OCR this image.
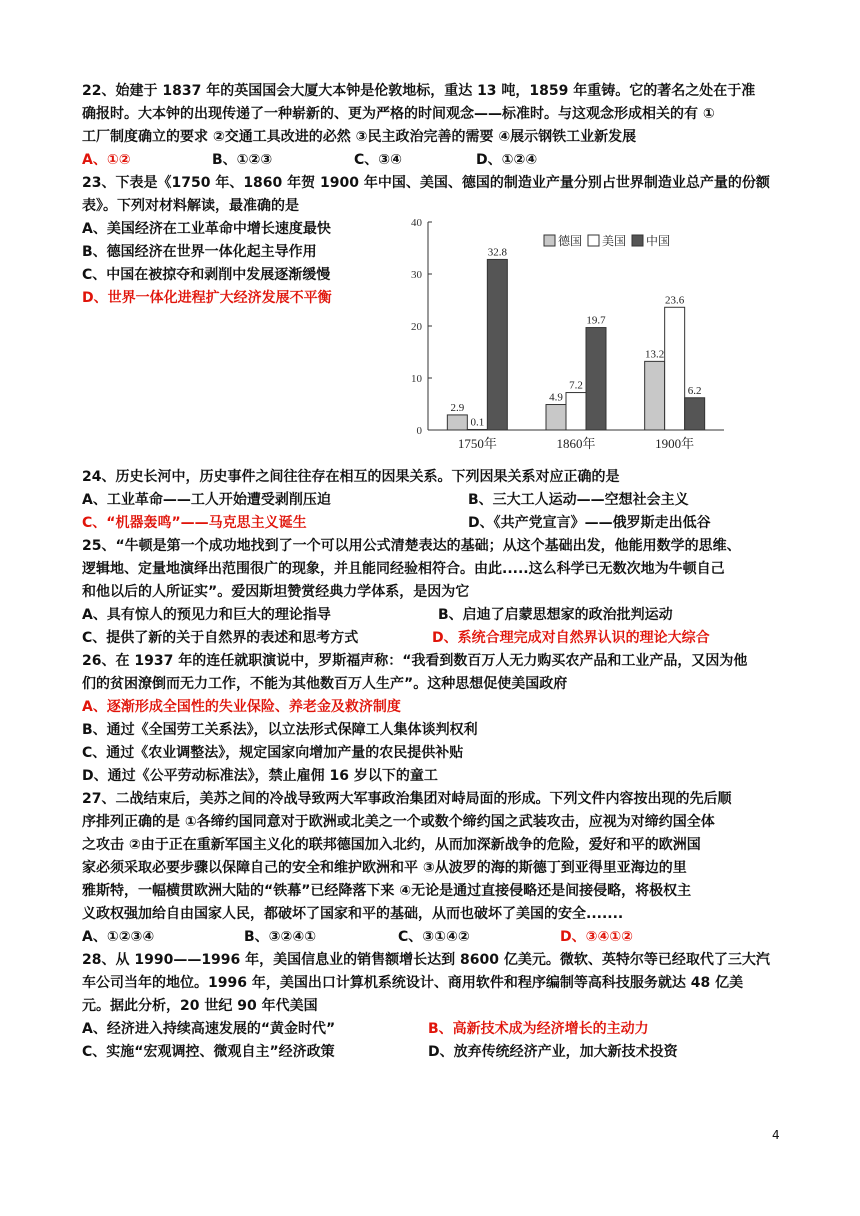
22、始建于 1837 年的英国国会大厦大本钟是伦敦地标，重达 13 吨，1859 年重铸。它的著名之处在于准
确报时。大本钟的出现传递了一种崭新的、更为严格的时间观念——标准时。与这观念形成相关的有 ①
工厂制度确立的要求 ②交通工具改进的必然 ③民主政治完善的需要 ④展示钢铁工业新发展
A、①②	B、①②③	C、③④	D、①②④
23、下表是《1750 年、1860 年贺 1900 年中国、美国、德国的制造业产量分别占世界制造业总产量的份额
表》。下列对材料解读，最准确的是
A、美国经济在工业革命中增长速度最快
B、德国经济在世界一体化起主导作用
C、中国在被掠夺和剥削中发展逐渐缓慢
D、世界一体化进程扩大经济发展不平衡
0
10
20
30
40
2.9
0.1
32.8
1750年
4.9
7.2
19.7
1860年
13.2
23.6
6.2
1900年
德国 美国 中国
24、历史长河中，历史事件之间往往存在相互的因果关系。下列因果关系对应正确的是
A、工业革命——工人开始遭受剥削压迫	B、三大工人运动——空想社会主义
C、“机器轰鸣”——马克思主义诞生	D、《共产党宣言》——俄罗斯走出低谷
25、“牛顿是第一个成功地找到了一个可以用公式清楚表达的基础；从这个基础出发，他能用数学的思维、
逻辑地、定量地演绎出范围很广的现象，并且能同经验相符合。由此.....这么科学已无数次地为牛顿自己
和他以后的人所证实”。爱因斯坦赞赏经典力学体系，是因为它
A、具有惊人的预见力和巨大的理论指导	B、启迪了启蒙思想家的政治批判运动
C、提供了新的关于自然界的表述和思考方式	D、系统合理完成对自然界认识的理论大综合
26、在 1937 年的连任就职演说中，罗斯福声称：“我看到数百万人无力购买农产品和工业产品，又因为他
们的贫困潦倒而无力工作，不能为其他数百万人生产”。这种思想促使美国政府
A、逐渐形成全国性的失业保险、养老金及救济制度
B、通过《全国劳工关系法》，以立法形式保障工人集体谈判权利
C、通过《农业调整法》，规定国家向增加产量的农民提供补贴
D、通过《公平劳动标准法》，禁止雇佣 16 岁以下的童工
27、二战结束后，美苏之间的冷战导致两大军事政治集团对峙局面的形成。下列文件内容按出现的先后顺
序排列正确的是 ①各缔约国同意对于欧洲或北美之一个或数个缔约国之武装攻击，应视为对缔约国全体
之攻击 ②由于正在重新军国主义化的联邦德国加入北约，从而加深新战争的危险，爱好和平的欧洲国
家必须采取必要步骤以保障自己的安全和维护欧洲和平 ③从波罗的海的斯德丁到亚得里亚海边的里
雅斯特，一幅横贯欧洲大陆的“铁幕”已经降落下来 ④无论是通过直接侵略还是间接侵略，将极权主
义政权强加给自由国家人民，都破坏了国家和平的基础，从而也破坏了美国的安全.......
A、①②③④	B、③②④①	C、③①④②	D、③④①②
28、从 1990——1996 年，美国信息业的销售额增长达到 8600 亿美元。微软、英特尔等已经取代了三大汽
车公司当年的地位。1996 年，美国出口计算机系统设计、商用软件和程序编制等高科技服务就达 48 亿美
元。据此分析，20 世纪 90 年代美国
A、经济进入持续高速发展的“黄金时代”	B、高新技术成为经济增长的主动力
C、实施“宏观调控、微观自主”经济政策	D、放弃传统经济产业，加大新技术投资
4
